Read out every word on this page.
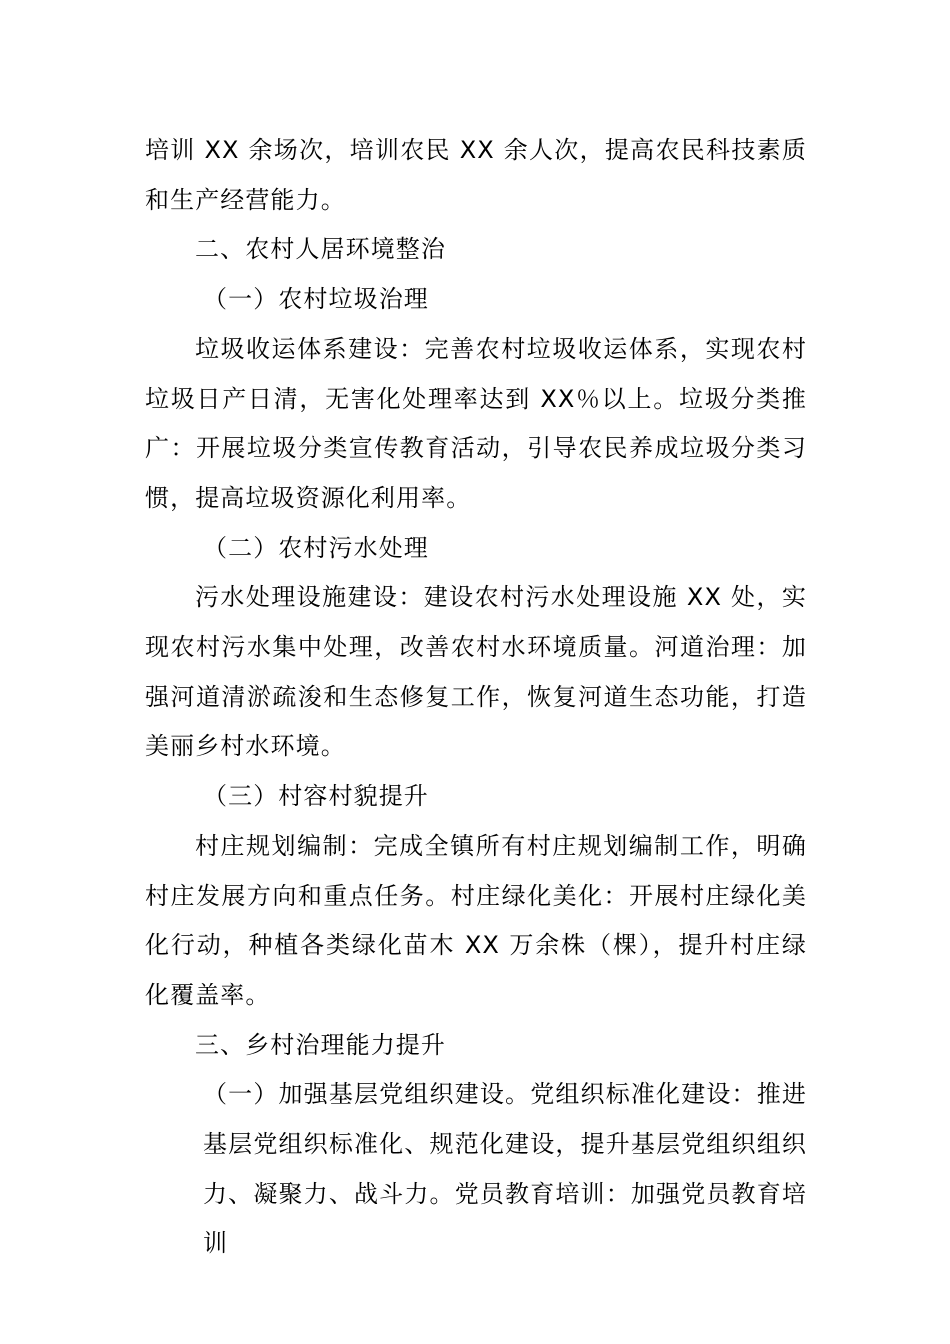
培训 XX 余场次，培训农民 XX 余人次，提高农民科技素质和生产经营能力。

二、农村人居环境整治

（一）农村垃圾治理

垃圾收运体系建设：完善农村垃圾收运体系，实现农村垃圾日产日清，无害化处理率达到 XX％以上。垃圾分类推广：开展垃圾分类宣传教育活动，引导农民养成垃圾分类习惯，提高垃圾资源化利用率。

（二）农村污水处理

污水处理设施建设：建设农村污水处理设施 XX 处，实现农村污水集中处理，改善农村水环境质量。河道治理：加强河道清淤疏浚和生态修复工作，恢复河道生态功能，打造美丽乡村水环境。

（三）村容村貌提升

村庄规划编制：完成全镇所有村庄规划编制工作，明确村庄发展方向和重点任务。村庄绿化美化：开展村庄绿化美化行动，种植各类绿化苗木 XX 万余株（棵），提升村庄绿化覆盖率。

三、乡村治理能力提升

（一）加强基层党组织建设。党组织标准化建设：推进基层党组织标准化、规范化建设，提升基层党组织组织力、凝聚力、战斗力。党员教育培训：加强党员教育培训
